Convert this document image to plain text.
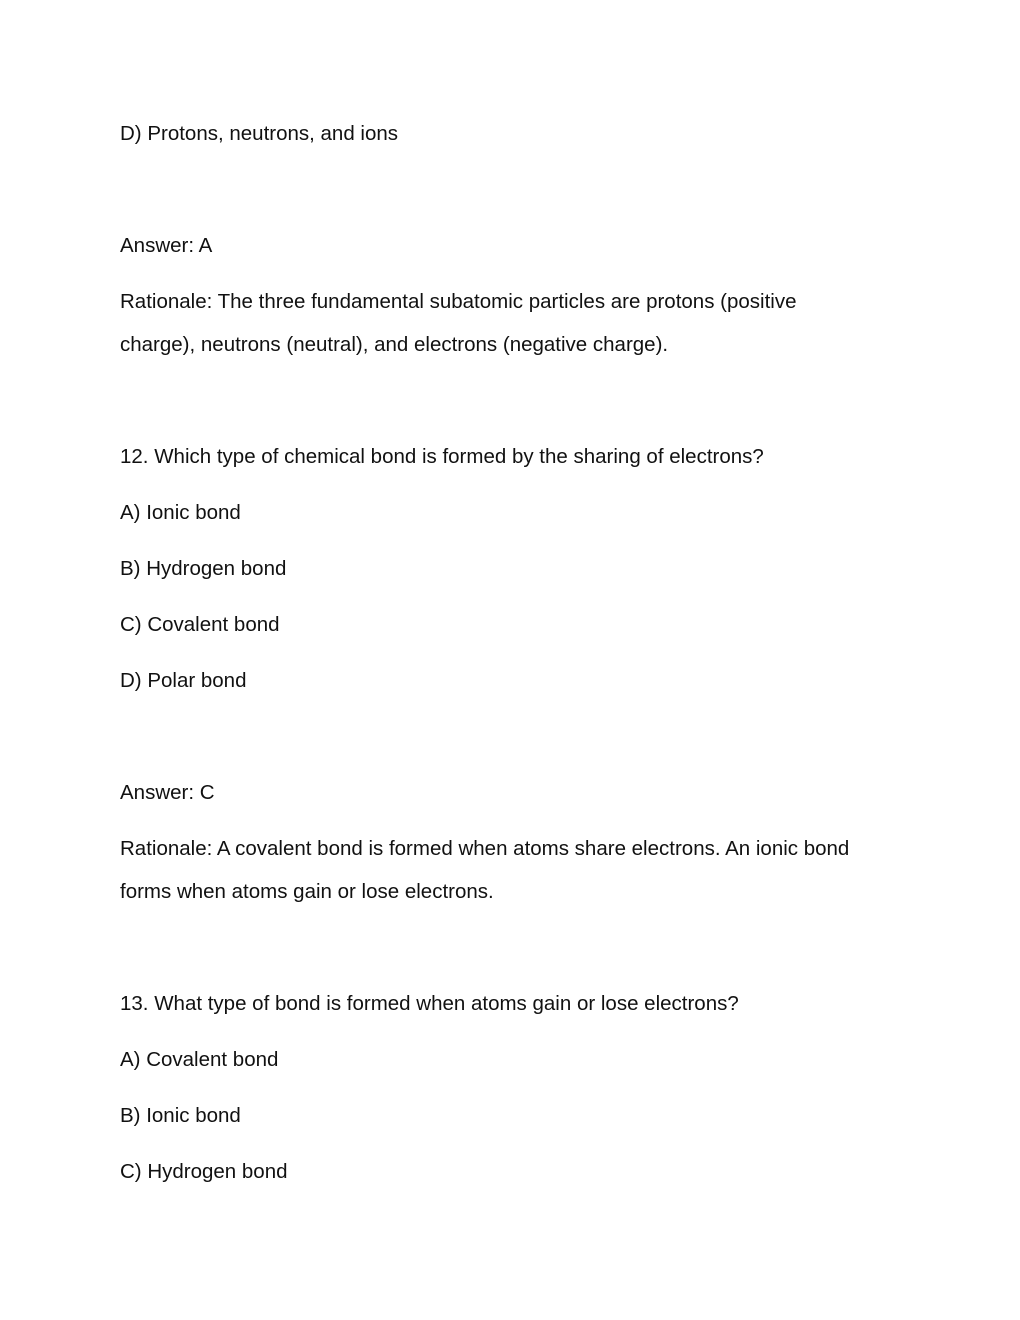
D) Protons, neutrons, and ions
Answer: A
Rationale: The three fundamental subatomic particles are protons (positive
charge), neutrons (neutral), and electrons (negative charge).
12. Which type of chemical bond is formed by the sharing of electrons?
A) Ionic bond
B) Hydrogen bond
C) Covalent bond
D) Polar bond
Answer: C
Rationale: A covalent bond is formed when atoms share electrons. An ionic bond
forms when atoms gain or lose electrons.
13. What type of bond is formed when atoms gain or lose electrons?
A) Covalent bond
B) Ionic bond
C) Hydrogen bond
